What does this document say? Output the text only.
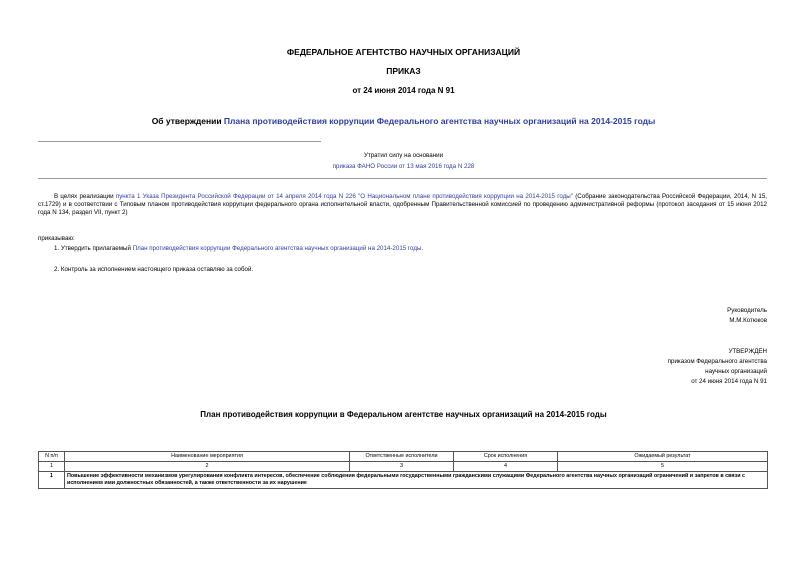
ФЕДЕРАЛЬНОЕ АГЕНТСТВО НАУЧНЫХ ОРГАНИЗАЦИЙ
ПРИКАЗ
от 24 июня 2014 года N 91
Об утверждении Плана противодействия коррупции Федерального агентства научных организаций на 2014-2015 годы
Утратил силу на основании
приказа ФАНО России от 13 мая 2016 года N 228
В целях реализации пункта 1 Указа Президента Российской Федерации от 14 апреля 2014 года N 226 "О Национальном плане противодействия коррупции на 2014-2015 годы" (Собрание законодательства Российской Федерации, 2014, N 15, ст.1729) и в соответствии с Типовым планом противодействия коррупции федерального органа исполнительной власти, одобренным Правительственной комиссией по проведению административной реформы (протокол заседания от 15 июня 2012 года N 134, раздел VII, пункт 2)
приказываю:
1. Утвердить прилагаемый План противодействия коррупции Федерального агентства научных организаций на 2014-2015 годы.
2. Контроль за исполнением настоящего приказа оставляю за собой.
Руководитель
М.М.Котюков
УТВЕРЖДЕН
приказом Федерального агентства
научных организаций
от 24 июня 2014 года N 91
План противодействия коррупции в Федеральном агентстве научных организаций на 2014-2015 годы
N п/п	Наименование мероприятия	Ответственные исполнители	Срок исполнения	Ожидаемый результат
1	2	3	4	5
1	Повышение эффективности механизмов урегулирования конфликта интересов, обеспечение соблюдения федеральными государственными гражданскими служащими Федерального агентства научных организаций ограничений и запретов в связи с исполнением ими должностных обязанностей, а также ответственности за их нарушение			
